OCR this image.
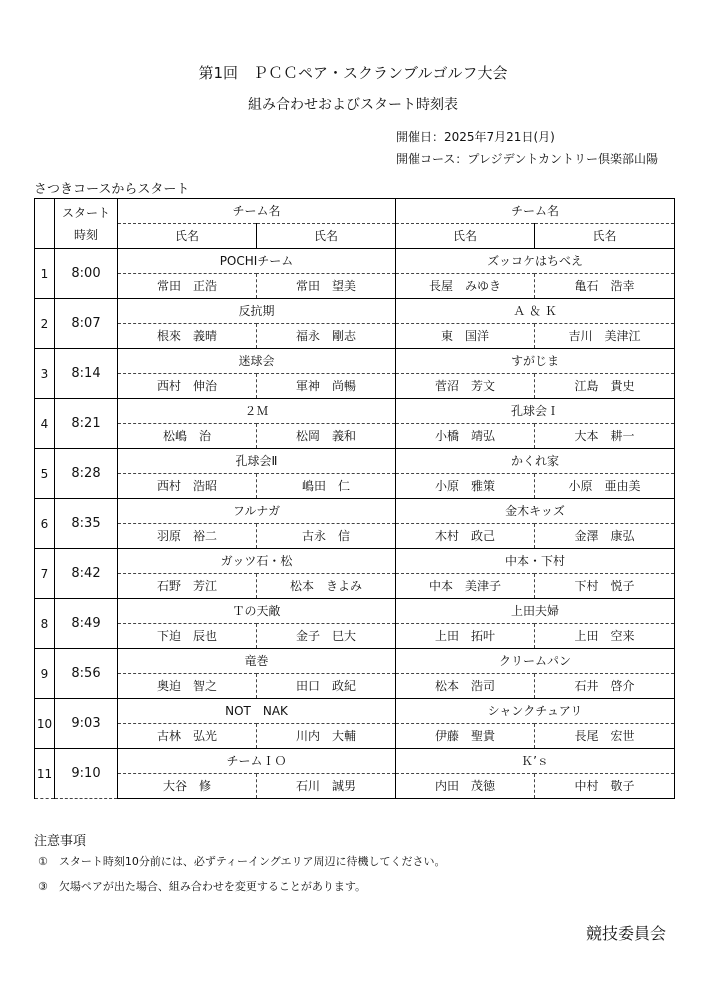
第1回　ＰＣＣペア・スクランブルゴルフ大会
組み合わせおよびスタート時刻表
開催日：2025年7月21日(月)
開催コース：プレジデントカントリー倶楽部山陽
さつきコースからスタート
	スタート
時刻	チーム名		チーム名	
		氏名	氏名	氏名	氏名
1	8:00	POCHIチーム		ズッコケはちべえ	
		常田　正浩	常田　望美	長屋　みゆき	亀石　浩幸
2	8:07	反抗期		Ａ ＆ Ｋ	
		根來　義晴	福永　剛志	東　国洋	吉川　美津江
3	8:14	迷球会		すがじま	
		西村　伸治	軍神　尚暢	菅沼　芳文	江島　貴史
4	8:21	２Ｍ		孔球会Ｉ	
		松嶋　治	松岡　義和	小橋　靖弘	大本　耕一
5	8:28	孔球会Ⅱ		かくれ家	
		西村　浩昭	嶋田　仁	小原　雅策	小原　亜由美
6	8:35	フルナガ		金木キッズ	
		羽原　裕二	古永　信	木村　政己	金澤　康弘
7	8:42	ガッツ石・松		中本・下村	
		石野　芳江	松本　きよみ	中本　美津子	下村　悦子
8	8:49	Ｔの天敵		上田夫婦	
		下迫　辰也	金子　巳大	上田　拓叶	上田　空来
9	8:56	竜巻		クリームパン	
		奥迫　智之	田口　政紀	松本　浩司	石井　啓介
10	9:03	NOT　NAK		シャンクチュアリ	
		古林　弘光	川内　大輔	伊藤　聖貴	長尾　宏世
11	9:10	チームＩＯ		Ｋ’ｓ	
		大谷　修	石川　誠男	内田　茂徳	中村　敬子
注意事項
①　スタート時刻10分前には、必ずティーイングエリア周辺に待機してください。
③　欠場ペアが出た場合、組み合わせを変更することがあります。
競技委員会
